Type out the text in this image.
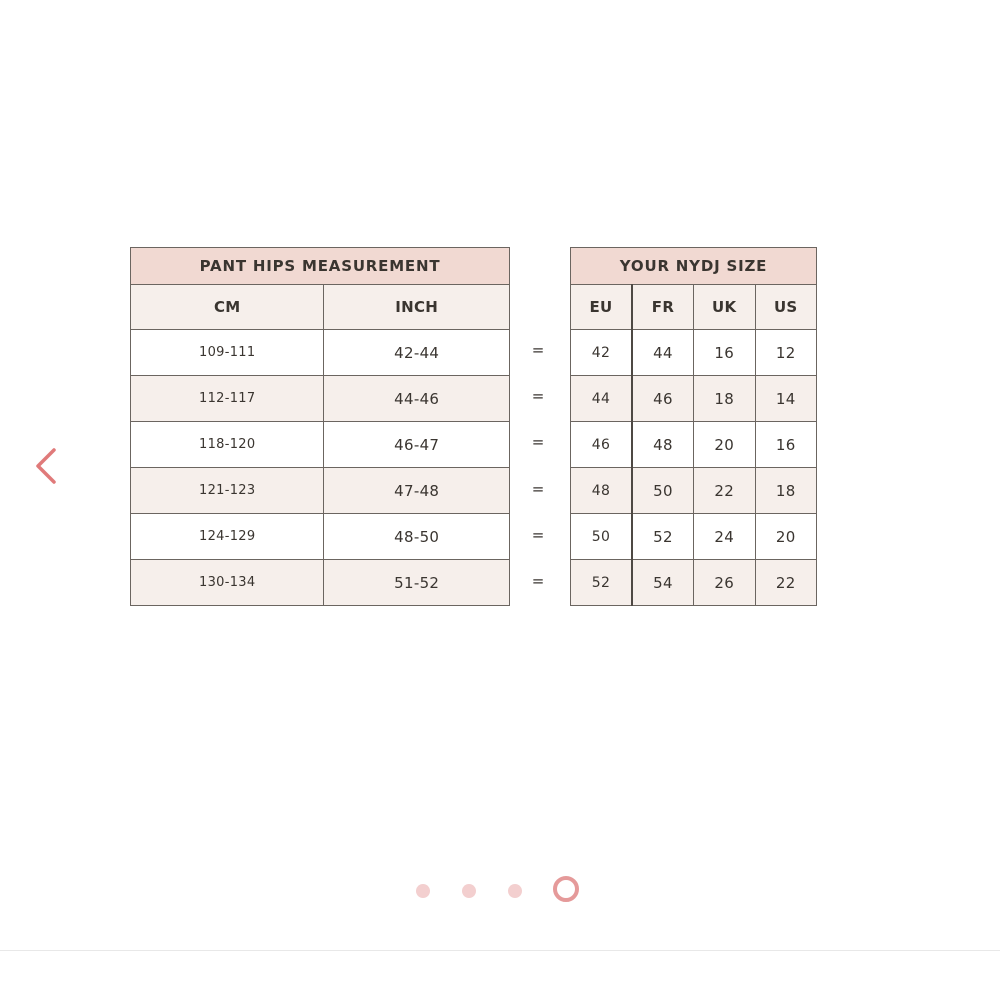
PANT HIPS MEASUREMENT	
CM	INCH
109-111	42-44
112-117	44-46
118-120	46-47
121-123	47-48
124-129	48-50
130-134	51-52
=
=
=
=
=
=
YOUR NYDJ SIZE			
EU	FR	UK	US
42	44	16	12
44	46	18	14
46	48	20	16
48	50	22	18
50	52	24	20
52	54	26	22
